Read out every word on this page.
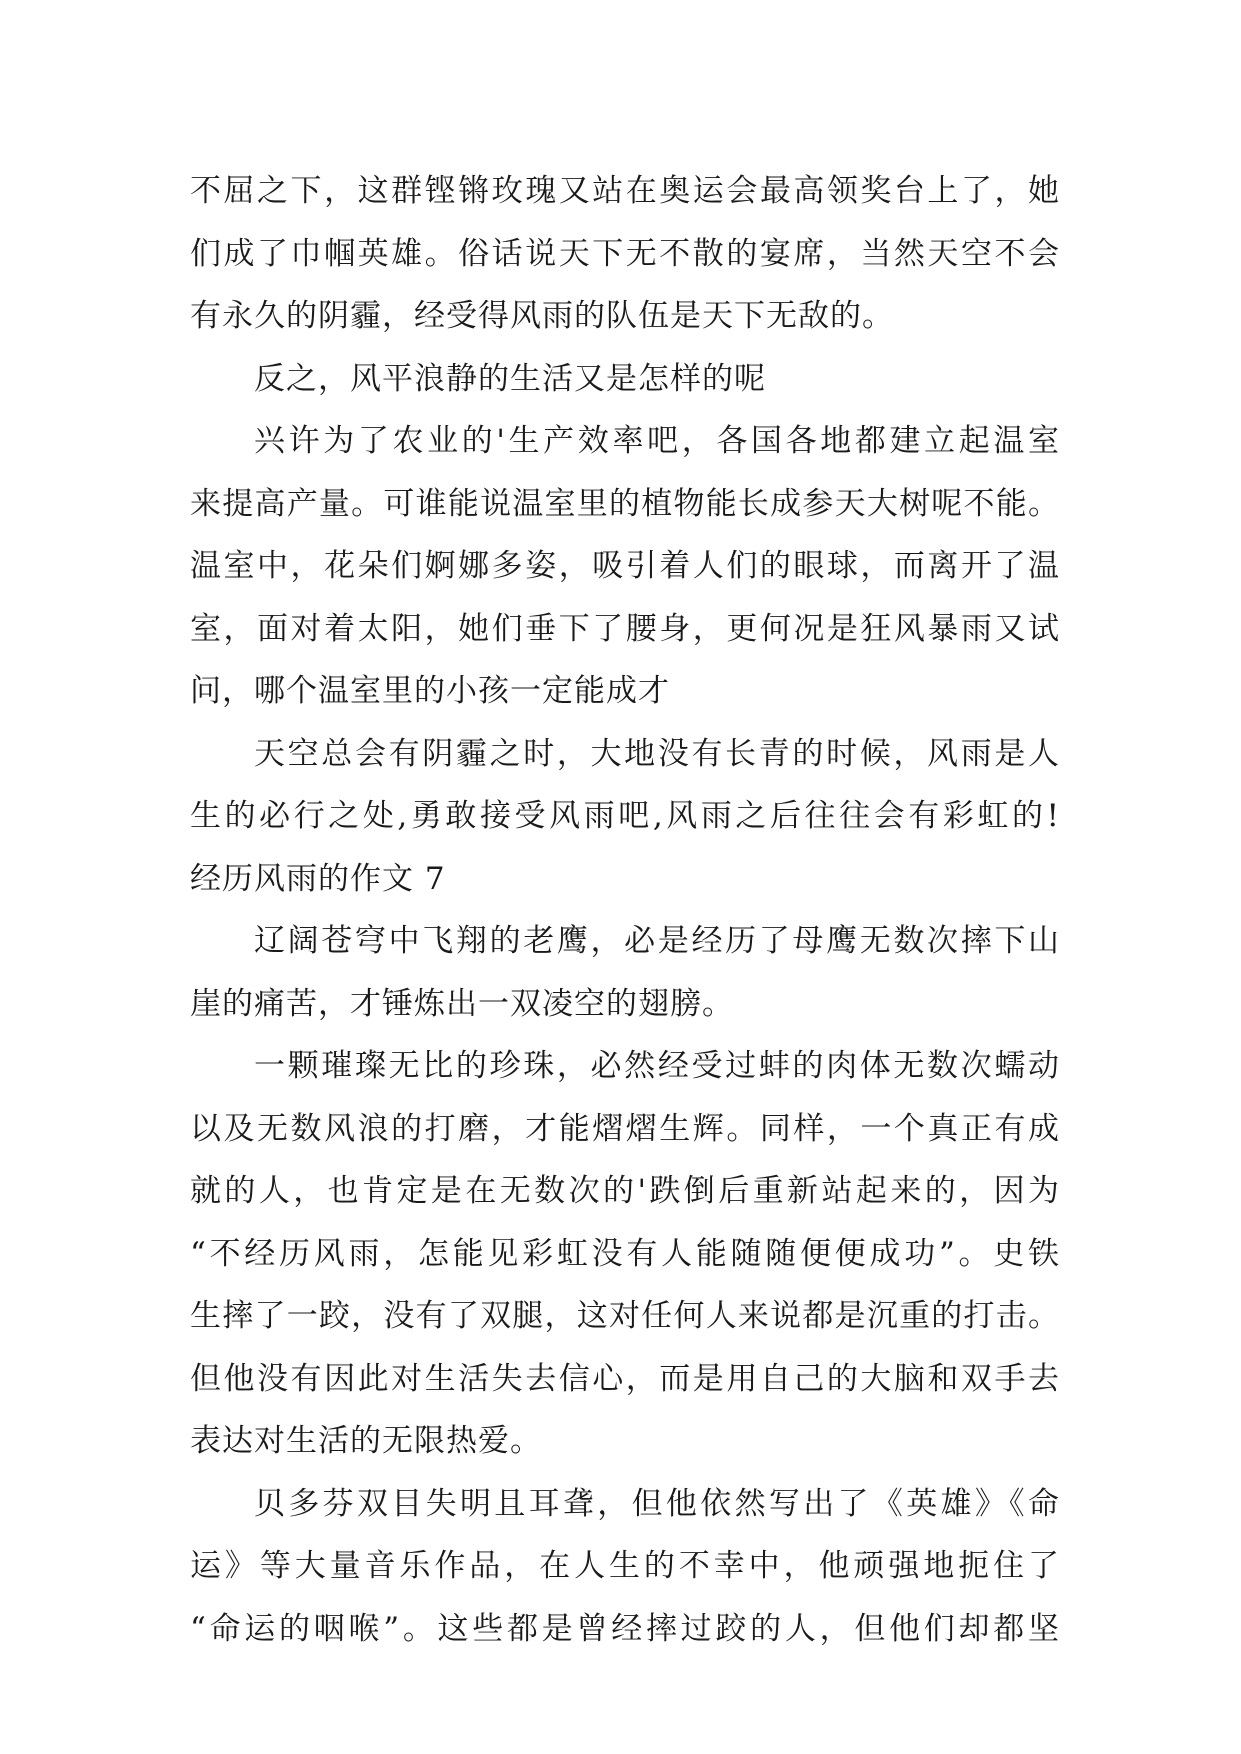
不屈之下，这群铿锵玫瑰又站在奥运会最高领奖台上了，她
们成了巾帼英雄。俗话说天下无不散的宴席，当然天空不会
有永久的阴霾，经受得风雨的队伍是天下无敌的。
反之，风平浪静的生活又是怎样的呢
兴许为了农业的'生产效率吧，各国各地都建立起温室
来提高产量。可谁能说温室里的植物能长成参天大树呢不能。
温室中，花朵们婀娜多姿，吸引着人们的眼球，而离开了温
室，面对着太阳，她们垂下了腰身，更何况是狂风暴雨又试
问，哪个温室里的小孩一定能成才
天空总会有阴霾之时，大地没有长青的时候，风雨是人
生的必行之处,勇敢接受风雨吧,风雨之后往往会有彩虹的!
经历风雨的作文 7
辽阔苍穹中飞翔的老鹰，必是经历了母鹰无数次摔下山
崖的痛苦，才锤炼出一双凌空的翅膀。
一颗璀璨无比的珍珠，必然经受过蚌的肉体无数次蠕动
以及无数风浪的打磨，才能熠熠生辉。同样，一个真正有成
就的人，也肯定是在无数次的'跌倒后重新站起来的，因为
“不经历风雨，怎能见彩虹没有人能随随便便成功”。史铁
生摔了一跤，没有了双腿，这对任何人来说都是沉重的打击。
但他没有因此对生活失去信心，而是用自己的大脑和双手去
表达对生活的无限热爱。
贝多芬双目失明且耳聋，但他依然写出了《英雄》《命
运》等大量音乐作品，在人生的不幸中，他顽强地扼住了
“命运的咽喉”。这些都是曾经摔过跤的人，但他们却都坚
